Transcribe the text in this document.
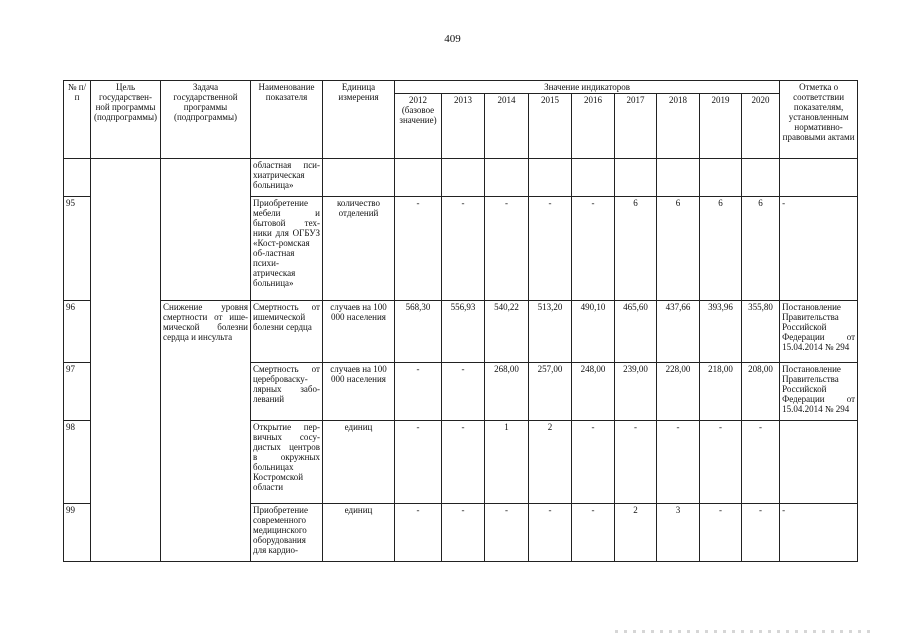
409
№ п/п	Цель государствен-ной программы (подпрограммы)	Задача государственной программы (подпрограммы)	Наименование показателя	Единица измерения	Значение индикаторов									Отметка о соответствии показателям, установленным нормативно-правовыми актами
					2012 (базовое значение)	2013	2014	2015	2016	2017	2018	2019	2020	
			областная пси-хиатрическая больница»											
95			Приобретение мебели и бытовой тех-ники для ОГБУЗ «Кост-ромская об-ластная психи-атрическая больница»	количество отделений	-	-	-	-	-	6	6	6	6	-
96		Снижение уровня смертности от ише-мической болезни сердца и инсульта	Смертность от ишемической болезни сердца	случаев на 100 000 населения	568,30	556,93	540,22	513,20	490,10	465,60	437,66	393,96	355,80	Постановление Правительства Российской Федерации от 15.04.2014 № 294
97			Смертность от цереброваску-лярных забо-леваний	случаев на 100 000 населения	-	-	268,00	257,00	248,00	239,00	228,00	218,00	208,00	Постановление Правительства Российской Федерации от 15.04.2014 № 294
98			Открытие пер-вичных сосу-дистых центров в окружных больницах Костромской области	единиц	-	-	1	2	-	-	-	-	-	
99			Приобретение современного медицинского оборудования для кардио-	единиц	-	-	-	-	-	2	3	-	-	-
